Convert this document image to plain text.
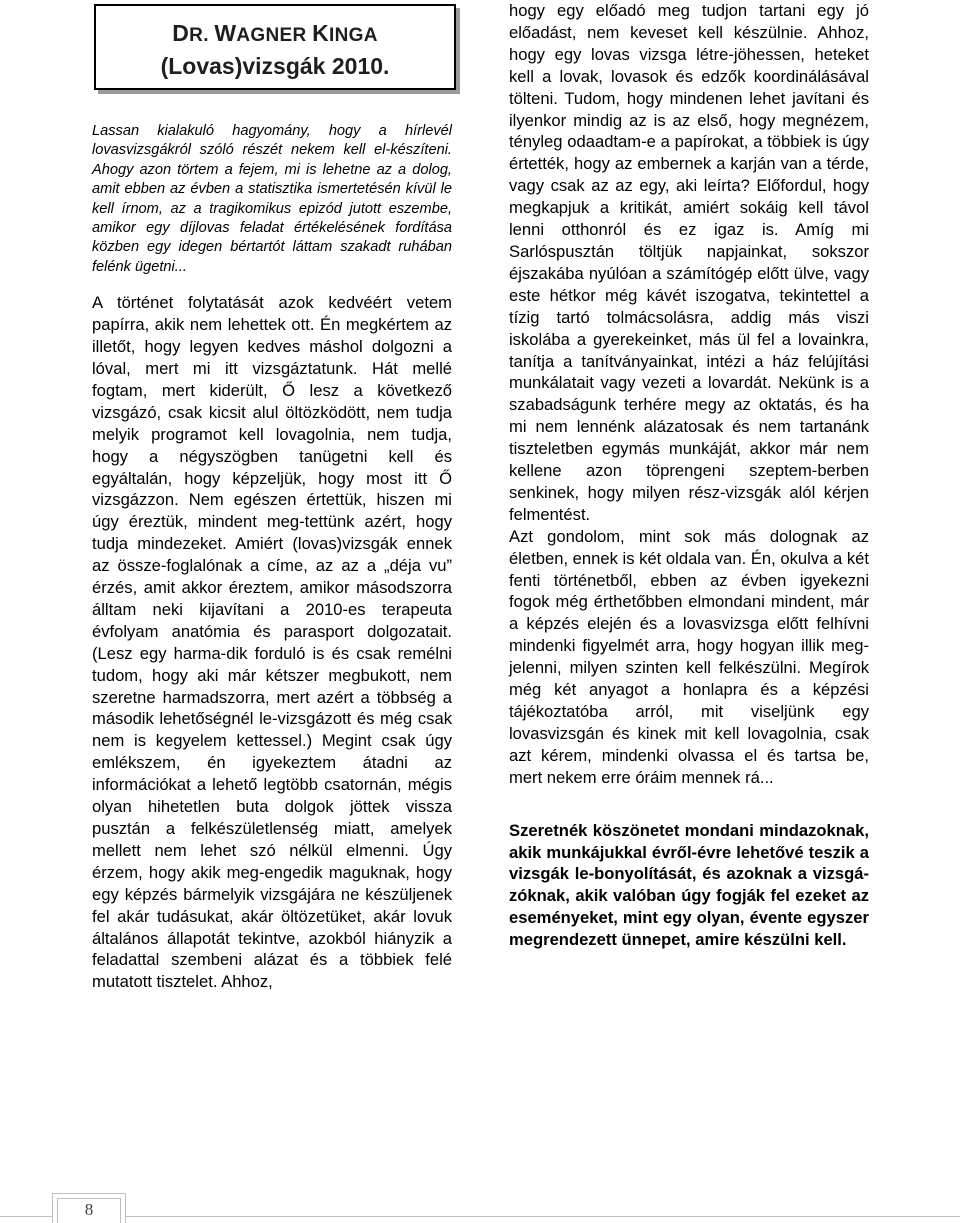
DR. WAGNER KINGA
(Lovas)vizsgák 2010.

Lassan kialakuló hagyomány, hogy a hírlevél lovasvizsgákról szóló részét nekem kell el-készíteni. Ahogy azon törtem a fejem, mi is lehetne az a dolog, amit ebben az évben a statisztika ismertetésén kívül le kell írnom, az a tragikomikus epizód jutott eszembe, amikor egy díjlovas feladat értékelésének fordítása közben egy idegen bértartót láttam szakadt ruhában felénk ügetni...

A történet folytatását azok kedvéért vetem papírra, akik nem lehettek ott. Én megkértem az illetőt, hogy legyen kedves máshol dolgozni a lóval, mert mi itt vizsgáztatunk. Hát mellé fogtam, mert kiderült, Ő lesz a következő vizsgázó, csak kicsit alul öltözködött, nem tudja melyik programot kell lovagolnia, nem tudja, hogy a négyszögben tanügetni kell és egyáltalán, hogy képzeljük, hogy most itt Ő vizsgázzon. Nem egészen értettük, hiszen mi úgy éreztük, mindent meg-tettünk azért, hogy tudja mindezeket. Amiért (lovas)vizsgák ennek az össze-foglalónak a címe, az az a „déja vu” érzés, amit akkor éreztem, amikor másodszorra álltam neki kijavítani a 2010-es terapeuta évfolyam anatómia és parasport dolgozatait. (Lesz egy harma-dik forduló is és csak remélni tudom, hogy aki már kétszer megbukott, nem szeretne harmadszorra, mert azért a többség a második lehetőségnél le-vizsgázott és még csak nem is kegyelem kettessel.) Megint csak úgy emlékszem, én igyekeztem átadni az információkat a lehető legtöbb csatornán, mégis olyan hihetetlen buta dolgok jöttek vissza pusztán a felkészületlenség miatt, amelyek mellett nem lehet szó nélkül elmenni. Úgy érzem, hogy akik meg-engedik maguknak, hogy egy képzés bármelyik vizsgájára ne készüljenek fel akár tudásukat, akár öltözetüket, akár lovuk általános állapotát tekintve, azokból hiányzik a feladattal szembeni alázat és a többiek felé mutatott tisztelet. Ahhoz,

hogy egy előadó meg tudjon tartani egy jó előadást, nem keveset kell készülnie. Ahhoz, hogy egy lovas vizsga létre-jöhessen, heteket kell a lovak, lovasok és edzők koordinálásával tölteni. Tudom, hogy mindenen lehet javítani és ilyenkor mindig az is az első, hogy megnézem, tényleg odaadtam-e a papírokat, a többiek is úgy értették, hogy az embernek a karján van a térde, vagy csak az az egy, aki leírta? Előfordul, hogy megkapjuk a kritikát, amiért sokáig kell távol lenni otthonról és ez igaz is. Amíg mi Sarlóspusztán töltjük napjainkat, sokszor éjszakába nyúlóan a számítógép előtt ülve, vagy este hétkor még kávét iszogatva, tekintettel a tízig tartó tolmácsolásra, addig más viszi iskolába a gyerekeinket, más ül fel a lovainkra, tanítja a tanítványainkat, intézi a ház felújítási munkálatait vagy vezeti a lovardát. Nekünk is a szabadságunk terhére megy az oktatás, és ha mi nem lennénk alázatosak és nem tartanánk tiszteletben egymás munkáját, akkor már nem kellene azon töprengeni szeptem-berben senkinek, hogy milyen rész-vizsgák alól kérjen felmentést.

Azt gondolom, mint sok más dolognak az életben, ennek is két oldala van. Én, okulva a két fenti történetből, ebben az évben igyekezni fogok még érthetőbben elmondani mindent, már a képzés elején és a lovasvizsga előtt felhívni mindenki figyelmét arra, hogy hogyan illik meg-jelenni, milyen szinten kell felkészülni. Megírok még két anyagot a honlapra és a képzési tájékoztatóba arról, mit viseljünk egy lovasvizsgán és kinek mit kell lovagolnia, csak azt kérem, mindenki olvassa el és tartsa be, mert nekem erre óráim mennek rá...

Szeretnék köszönetet mondani mindazoknak, akik munkájukkal évről-évre lehetővé teszik a vizsgák le-bonyolítását, és azoknak a vizsgá-zóknak, akik valóban úgy fogják fel ezeket az eseményeket, mint egy olyan, évente egyszer megrendezett ünnepet, amire készülni kell.

8
